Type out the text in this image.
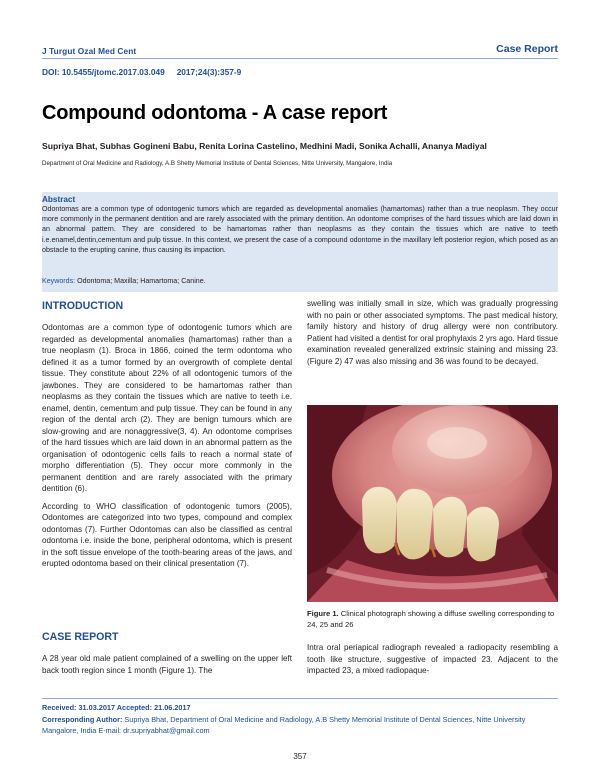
J Turgut Ozal Med Cent	Case Report
DOI: 10.5455/jtomc.2017.03.049 2017;24(3):357-9
Compound odontoma - A case report
Supriya Bhat, Subhas Gogineni Babu, Renita Lorina Castelino, Medhini Madi, Sonika Achalli, Ananya Madiyal
Department of Oral Medicine and Radiology, A.B Shetty Memorial Institute of Dental Sciences, Nitte University, Mangalore, India
Abstract
Odontomas are a common type of odontogenic tumors which are regarded as developmental anomalies (hamartomas) rather than a true neoplasm. They occur more commonly in the permanent dentition and are rarely associated with the primary dentition. An odontome comprises of the hard tissues which are laid down in an abnormal pattern. They are considered to be hamartomas rather than neoplasms as they contain the tissues which are native to teeth i.e.enamel,dentin,cementum and pulp tissue. In this context, we present the case of a compound odontome in the maxillary left posterior region, which posed as an obstacle to the erupting canine, thus causing its impaction.
Keywords: Odontoma; Maxilla; Hamartoma; Canine.
INTRODUCTION

Odontomas are a common type of odontogenic tumors which are regarded as developmental anomalies (hamartomas) rather than a true neoplasm (1). Broca in 1866, coined the term odontoma who defined it as a tumor formed by an overgrowth of complete dental tissue. They constitute about 22% of all odontogenic tumors of the jawbones. They are considered to be hamartomas rather than neoplasms as they contain the tissues which are native to teeth i.e. enamel, dentin, cementum and pulp tissue. They can be found in any region of the dental arch (2). They are benign tumours which are slow-growing and are nonaggressive(3, 4). An odontome comprises of the hard tissues which are laid down in an abnormal pattern as the organisation of odontogenic cells fails to reach a normal state of morpho differentiation (5). They occur more commonly in the permanent dentition and are rarely associated with the primary dentition (6).

According to WHO classification of odontogenic tumors (2005), Odontomes are categorized into two types, compound and complex odontomas (7). Further Odontomas can also be classified as central odontoma i.e. inside the bone, peripheral odontoma, which is present in the soft tissue envelope of the tooth-bearing areas of the jaws, and erupted odontoma based on their clinical presentation (7).

CASE REPORT
A 28 year old male patient complained of a swelling on the upper left back tooth region since 1 month (Figure 1). The
swelling was initially small in size, which was gradually progressing with no pain or other associated symptoms. The past medical history, family history and history of drug allergy were non contributory. Patient had visited a dentist for oral prophylaxis 2 yrs ago. Hard tissue examination revealed generalized extrinsic staining and missing 23. (Figure 2) 47 was also missing and 36 was found to be decayed.
Figure 1. Clinical photograph showing a diffuse swelling corresponding to 24, 25 and 26
Intra oral periapical radiograph revealed a radiopacity resembling a tooth like structure, suggestive of impacted 23. Adjacent to the impacted 23, a mixed radiopaque-
Received: 31.03.2017 Accepted: 21.06.2017
Corresponding Author: Supriya Bhat, Department of Oral Medicine and Radiology, A.B Shetty Memorial Institute of Dental Sciences, Nitte University Mangalore, India E-mail: dr.supriyabhat@gmail.com
357
